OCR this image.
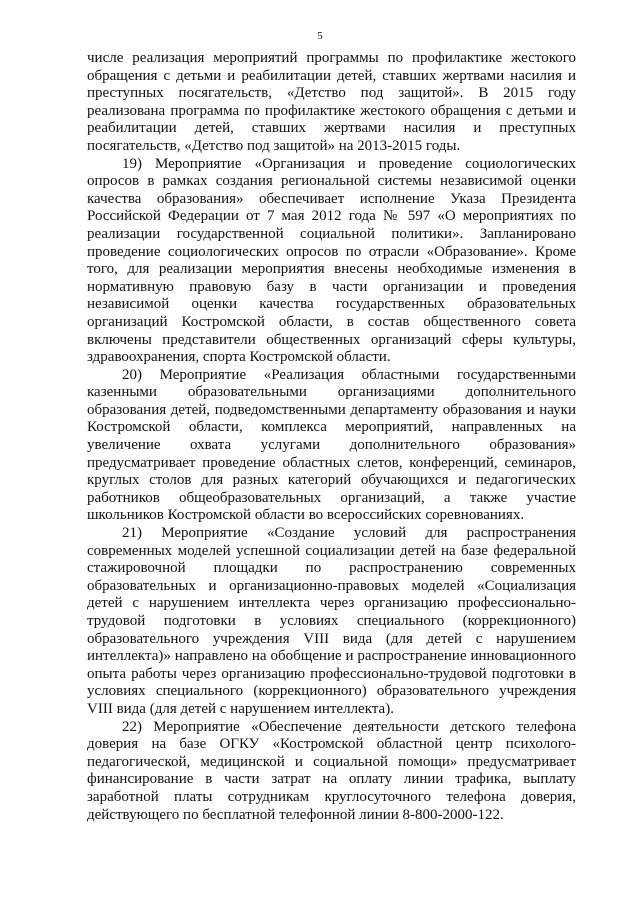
5

числе реализация мероприятий программы по профилактике жестокого обращения с детьми и реабилитации детей, ставших жертвами насилия и преступных посягательств, «Детство под защитой». В 2015 году реализована программа по профилактике жестокого обращения с детьми и реабилитации детей, ставших жертвами насилия и преступных посягательств, «Детство под защитой» на 2013-2015 годы.

19) Мероприятие «Организация и проведение социологических опросов в рамках создания региональной системы независимой оценки качества образования» обеспечивает исполнение Указа Президента Российской Федерации от 7 мая 2012 года № 597 «О мероприятиях по реализации государственной социальной политики». Запланировано проведение социологических опросов по отрасли «Образование». Кроме того, для реализации мероприятия внесены необходимые изменения в нормативную правовую базу в части организации и проведения независимой оценки качества государственных образовательных организаций Костромской области, в состав общественного совета включены представители общественных организаций сферы культуры, здравоохранения, спорта Костромской области.

20) Мероприятие «Реализация областными государственными казенными образовательными организациями дополнительного образования детей, подведомственными департаменту образования и науки Костромской области, комплекса мероприятий, направленных на увеличение охвата услугами дополнительного образования» предусматривает проведение областных слетов, конференций, семинаров, круглых столов для разных категорий обучающихся и педагогических работников общеобразовательных организаций, а также участие школьников Костромской области во всероссийских соревнованиях.

21) Мероприятие «Создание условий для распространения современных моделей успешной социализации детей на базе федеральной стажировочной площадки по распространению современных образовательных и организационно-правовых моделей «Социализация детей с нарушением интеллекта через организацию профессионально-трудовой подготовки в условиях специального (коррекционного) образовательного учреждения VIII вида (для детей с нарушением интеллекта)» направлено на обобщение и распространение инновационного опыта работы через организацию профессионально-трудовой подготовки в условиях специального (коррекционного) образовательного учреждения VIII вида (для детей с нарушением интеллекта).

22) Мероприятие «Обеспечение деятельности детского телефона доверия на базе ОГКУ «Костромской областной центр психолого-педагогической, медицинской и социальной помощи» предусматривает финансирование в части затрат на оплату линии трафика, выплату заработной платы сотрудникам круглосуточного телефона доверия, действующего по бесплатной телефонной линии 8-800-2000-122.
